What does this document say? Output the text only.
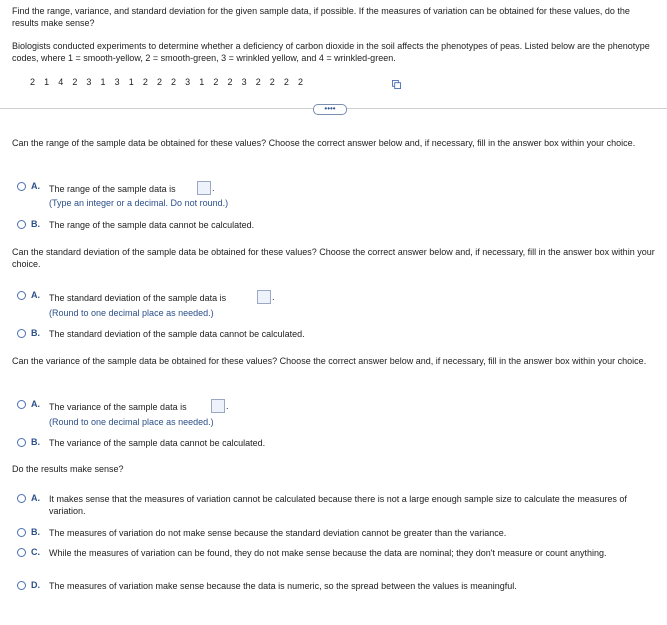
Find the range, variance, and standard deviation for the given sample data, if possible. If the measures of variation can be obtained for these values, do the results make sense?
Biologists conducted experiments to determine whether a deficiency of carbon dioxide in the soil affects the phenotypes of peas. Listed below are the phenotype codes, where 1 = smooth-yellow, 2 = smooth-green, 3 = wrinkled yellow, and 4 = wrinkled-green.
2 1 4 2 3 1 3 1 2 2 2 3 1 2 2 3 2 2 2 2
••••
Can the range of the sample data be obtained for these values? Choose the correct answer below and, if necessary, fill in the answer box within your choice.
A. The range of the sample data is	.
(Type an integer or a decimal. Do not round.)
B. The range of the sample data cannot be calculated.
Can the standard deviation of the sample data be obtained for these values? Choose the correct answer below and, if necessary, fill in the answer box within your choice.
A. The standard deviation of the sample data is	.
(Round to one decimal place as needed.)
B. The standard deviation of the sample data cannot be calculated.
Can the variance of the sample data be obtained for these values? Choose the correct answer below and, if necessary, fill in the answer box within your choice.
A. The variance of the sample data is	.
(Round to one decimal place as needed.)
B. The variance of the sample data cannot be calculated.
Do the results make sense?
A. It makes sense that the measures of variation cannot be calculated because there is not a large enough sample size to calculate the measures of variation.
B. The measures of variation do not make sense because the standard deviation cannot be greater than the variance.
C. While the measures of variation can be found, they do not make sense because the data are nominal; they don't measure or count anything.
D. The measures of variation make sense because the data is numeric, so the spread between the values is meaningful.
